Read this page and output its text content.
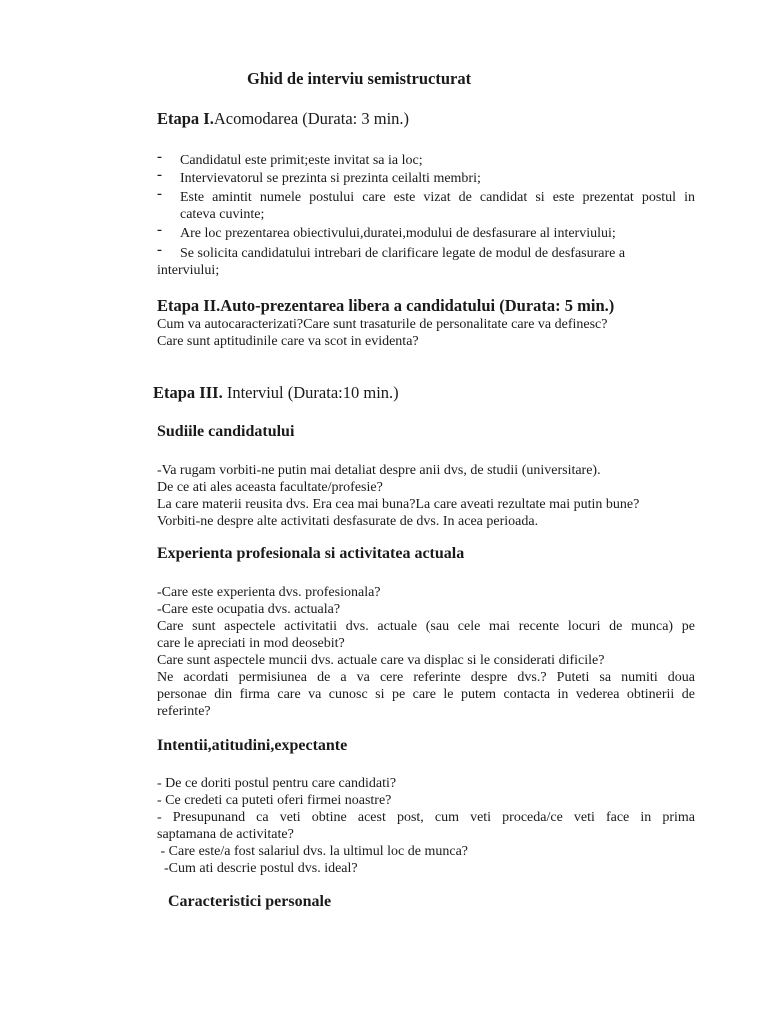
Ghid de interviu semistructurat
Etapa I.Acomodarea (Durata: 3 min.)
- Candidatul este primit;este invitat sa ia loc;
- Intervievatorul se prezinta si prezinta ceilalti membri;
- Este amintit numele postului care este vizat de candidat si este prezentat postul in
cateva cuvinte;
- Are loc prezentarea obiectivului,duratei,modului de desfasurare al interviului;
- Se solicita candidatului intrebari de clarificare legate de modul de desfasurare a
interviului;
Etapa II.Auto-prezentarea libera a candidatului (Durata: 5 min.)
Cum va autocaracterizati?Care sunt trasaturile de personalitate care va definesc?
Care sunt aptitudinile care va scot in evidenta?
Etapa III. Interviul (Durata:10 min.)
Sudiile candidatului
-Va rugam vorbiti-ne putin mai detaliat despre anii dvs, de studii (universitare).
De ce ati ales aceasta facultate/profesie?
La care materii reusita dvs. Era cea mai buna?La care aveati rezultate mai putin bune?
Vorbiti-ne despre alte activitati desfasurate de dvs. In acea perioada.
Experienta profesionala si activitatea actuala
-Care este experienta dvs. profesionala?
-Care este ocupatia dvs. actuala?
Care sunt aspectele activitatii dvs. actuale (sau cele mai recente locuri de munca) pe
care le apreciati in mod deosebit?
Care sunt aspectele muncii dvs. actuale care va displac si le considerati dificile?
Ne acordati permisiunea de a va cere referinte despre dvs.? Puteti sa numiti doua
personae din firma care va cunosc si pe care le putem contacta in vederea obtinerii de
referinte?
Intentii,atitudini,expectante
- De ce doriti postul pentru care candidati?
- Ce credeti ca puteti oferi firmei noastre?
- Presupunand ca veti obtine acest post, cum veti proceda/ce veti face in prima
saptamana de activitate?
- Care este/a fost salariul dvs. la ultimul loc de munca?
-Cum ati descrie postul dvs. ideal?
Caracteristici personale
